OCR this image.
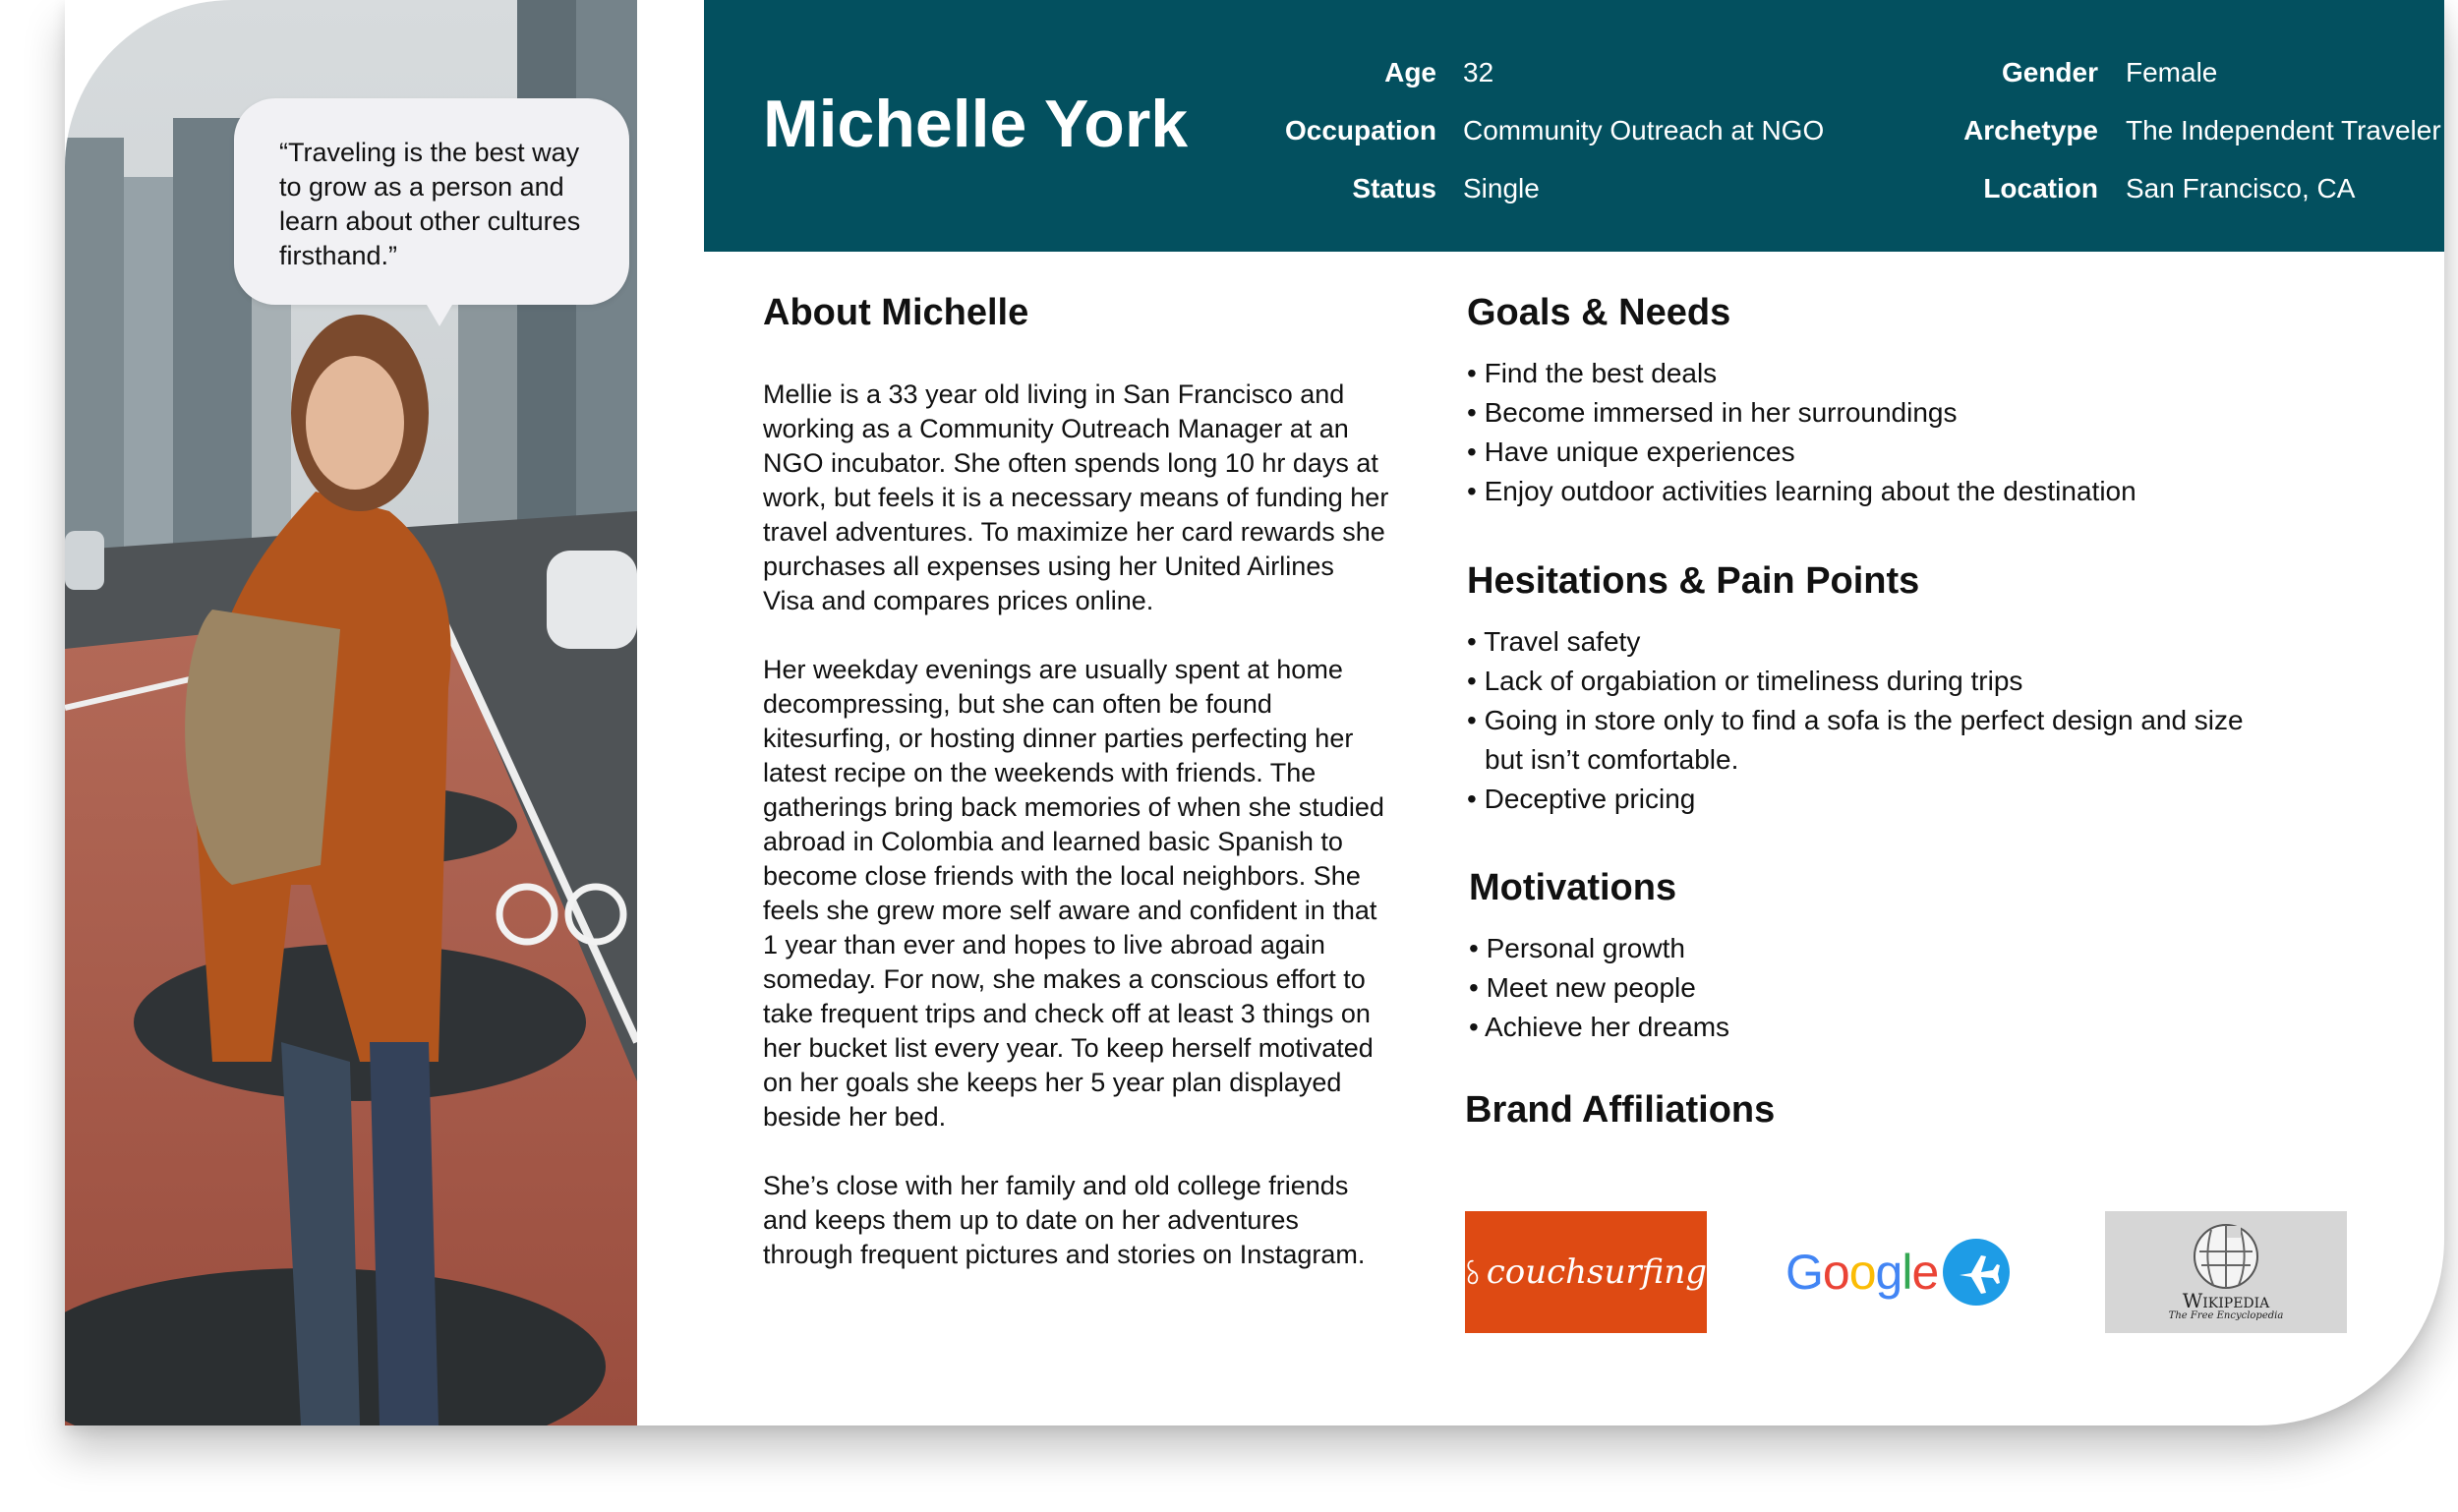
“Traveling is the best way to grow as a person and learn about other cultures firsthand.”
Michelle York
Age 32
Occupation Community Outreach at NGO
Status Single
Gender Female
Archetype The Independent Traveler
Location San Francisco, CA
About Michelle

Mellie is a 33 year old living in San Francisco and working as a Community Outreach Manager at an NGO incubator. She often spends long 10 hr days at work, but feels it is a necessary means of funding her travel adventures. To maximize her card rewards she purchases all expenses using her United Airlines Visa and compares prices online.

Her weekday evenings are usually spent at home decompressing, but she can often be found kitesurfing, or hosting dinner parties perfecting her latest recipe on the weekends with friends. The gatherings bring back memories of when she studied abroad in Colombia and learned basic Spanish to become close friends with the local neighbors. She feels she grew more self aware and confident in that 1 year than ever and hopes to live abroad again someday. For now, she makes a conscious effort to take frequent trips and check off at least 3 things on her bucket list every year. To keep herself motivated on her goals she keeps her 5 year plan displayed beside her bed.

She’s close with her family and old college friends and keeps them up to date on her adventures through frequent pictures and stories on Instagram.

Goals & Needs
• Find the best deals
• Become immersed in her surroundings
• Have unique experiences
• Enjoy outdoor activities learning about the destination
Hesitations & Pain Points
• Travel safety
• Lack of orgabiation or timeliness during trips
• Going in store only to find a sofa is the perfect design and size but isn’t comfortable.
• Deceptive pricing
Motivations
• Personal growth
• Meet new people
• Achieve her dreams
Brand Affiliations
couchsurfing Google
Wikipedia
The Free Encyclopedia
